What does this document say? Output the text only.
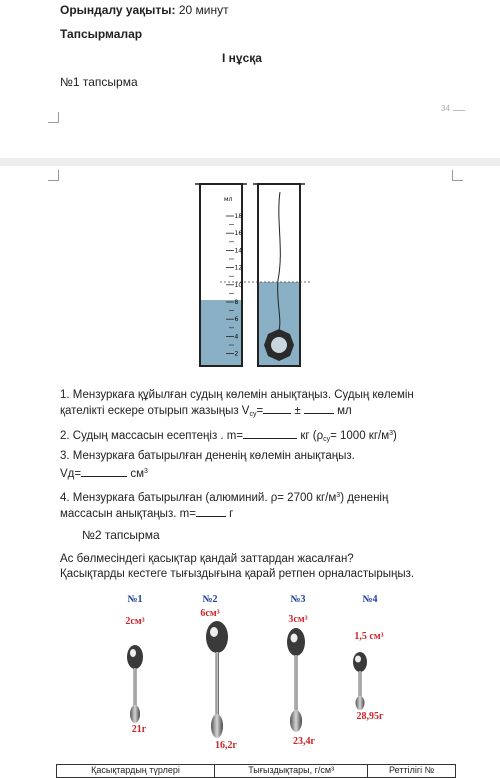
Орындалу уақыты: 20 минут
Тапсырмалар
І нұсқа
№1 тапсырма
34
мл
18
16
14
12
10
8
6
4
2
1. Мензуркаға құйылған судың көлемін анықтаңыз. Судың көлемін
қателікті ескере отырып жазыңыз $V_{су}=$	±	мл
2. Судың массасын есептеңіз . m=	кг ($\rho_{су}= 1000$ $кг/м^3$)
3. Мензуркаға батырылған дененің көлемін анықтаңыз.
Vд=	$см^3$
4. Мензуркаға батырылған (алюминий. ρ= 2700 $кг/м^3$) дененің
массасын анықтаңыз. m=	г
№2 тапсырма
Ас бөлмесіндегі қасықтар қандай заттардан жасалған?
Қасықтарды кестеге тығыздығына қарай ретпен орналастырыңыз.
№1
2см³
21г
№2
6см³
16,2г
№3
3см³
23,4г
№4
1,5 см³
28,95г
Қасықтардың түрлері	Тығыздықтары, г/см³	Реттілігі №
